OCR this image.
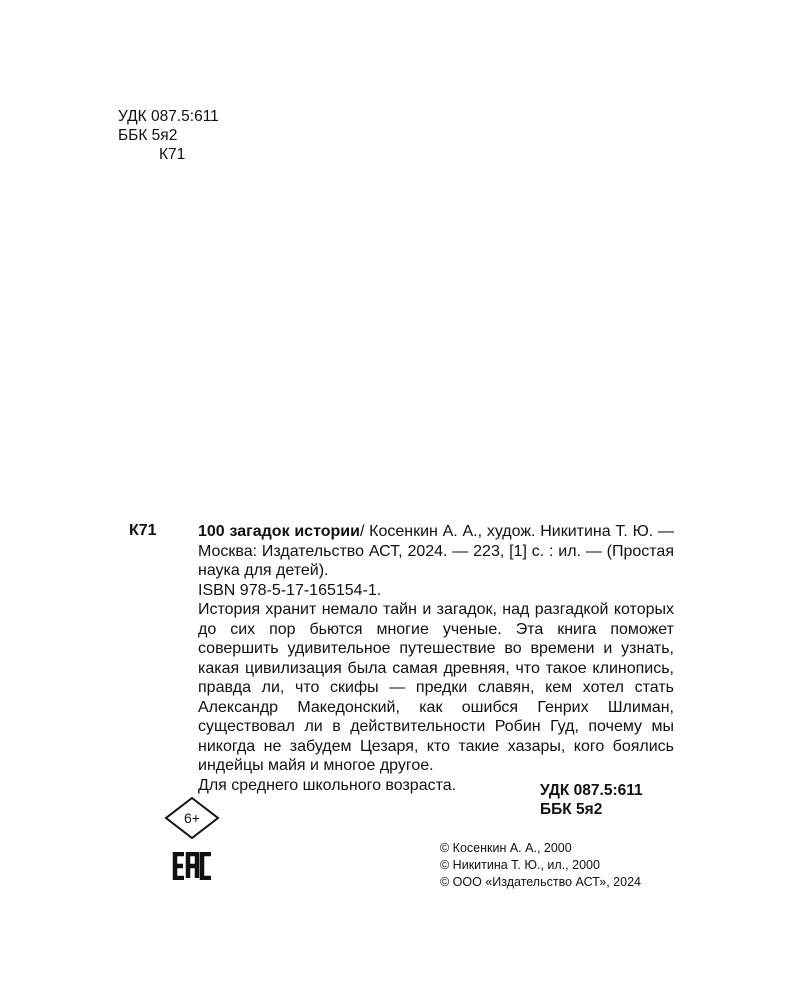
УДК 087.5:611
ББК 5я2
К71
К71	100 загадок истории/ Косенкин А. А., худож. Никитина Т. Ю. — Москва: Издательство АСТ, 2024. — 223, [1] с. : ил. — (Простая наука для детей).

ISBN 978-5-17-165154-1.

История хранит немало тайн и загадок, над разгадкой которых до сих пор бьются многие ученые. Эта книга поможет совершить удивительное путешествие во времени и узнать, какая цивилизация была самая древняя, что такое клинопись, правда ли, что скифы — предки славян, кем хотел стать Александр Македонский, как ошибся Генрих Шлиман, существовал ли в действительности Робин Гуд, почему мы никогда не забудем Цезаря, кто такие хазары, кого боялись индейцы майя и многое другое.

Для среднего школьного возраста.	УДК 087.5:611
ББК 5я2
6+
© Косенкин А. А., 2000
© Никитина Т. Ю., ил., 2000
© ООО «Издательство АСТ», 2024
